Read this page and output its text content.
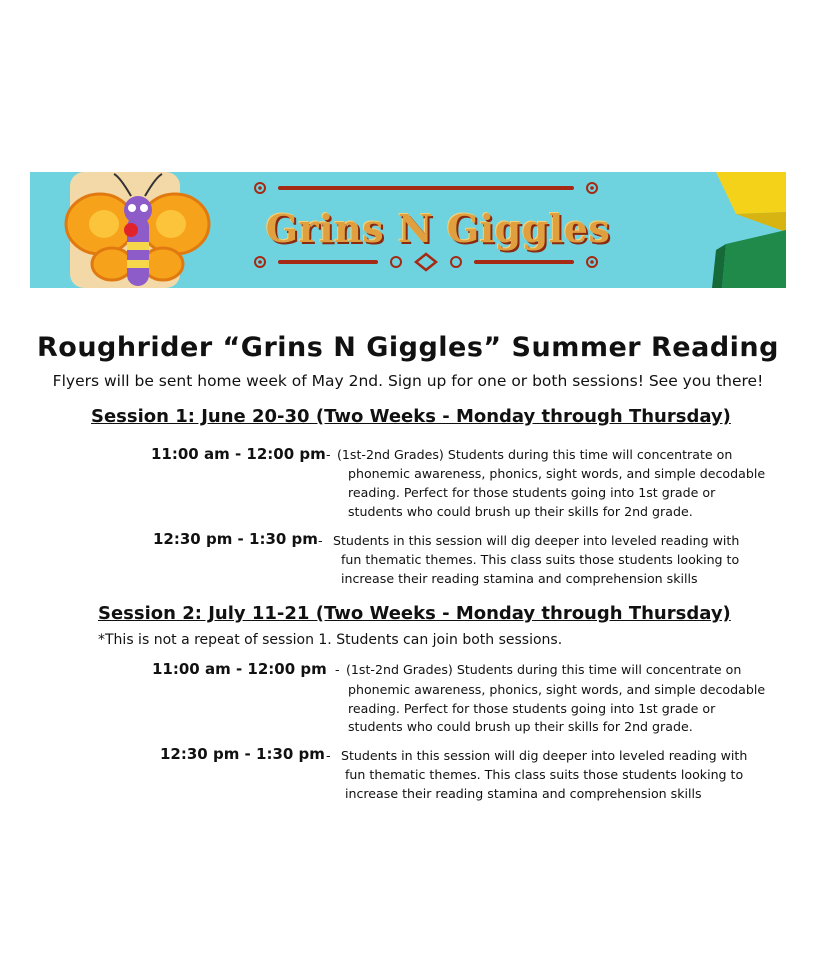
Grins N Giggles
Roughrider “Grins N Giggles” Summer Reading
Flyers will be sent home week of May 2nd. Sign up for one or both sessions! See you there!
Session 1: June 20-30 (Two Weeks - Monday through Thursday)
11:00 am - 12:00 pm - (1st-2nd Grades) Students during this time will concentrate on
phonemic awareness, phonics, sight words, and simple decodable
reading. Perfect for those students going into 1st grade or
students who could brush up their skills for 2nd grade.
12:30 pm - 1:30 pm - Students in this session will dig deeper into leveled reading with
fun thematic themes. This class suits those students looking to
increase their reading stamina and comprehension skills
Session 2: July 11-21 (Two Weeks - Monday through Thursday)
*This is not a repeat of session 1. Students can join both sessions.
11:00 am - 12:00 pm - (1st-2nd Grades) Students during this time will concentrate on
phonemic awareness, phonics, sight words, and simple decodable
reading. Perfect for those students going into 1st grade or
students who could brush up their skills for 2nd grade.
12:30 pm - 1:30 pm - Students in this session will dig deeper into leveled reading with
fun thematic themes. This class suits those students looking to
increase their reading stamina and comprehension skills
